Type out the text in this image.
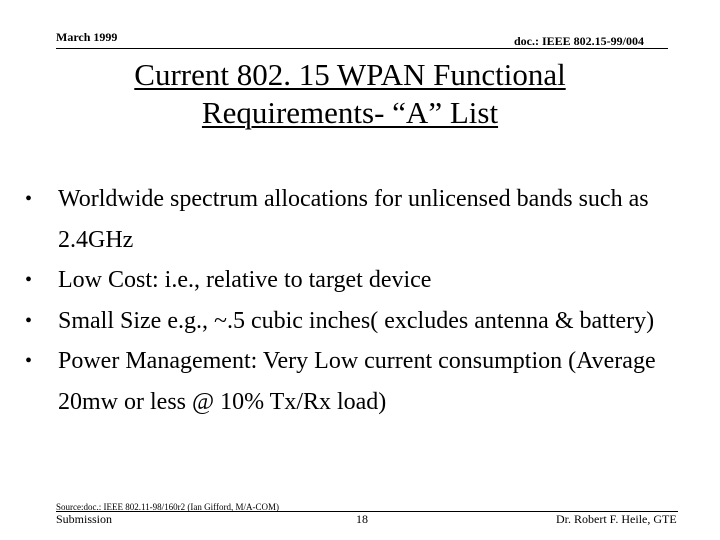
March 1999	doc.: IEEE 802.15-99/004
Current 802. 15 WPAN Functional
Requirements- “A” List
• Worldwide spectrum allocations for unlicensed bands such as 2.4GHz
• Low Cost: i.e., relative to target device
• Small Size e.g., ~.5 cubic inches( excludes antenna & battery)
• Power Management: Very Low current consumption (Average 20mw or less @ 10% Tx/Rx load)
Source:doc.: IEEE 802.11-98/160r2 (Ian Gifford, M/A-COM)
Submission	18	Dr. Robert F. Heile, GTE
